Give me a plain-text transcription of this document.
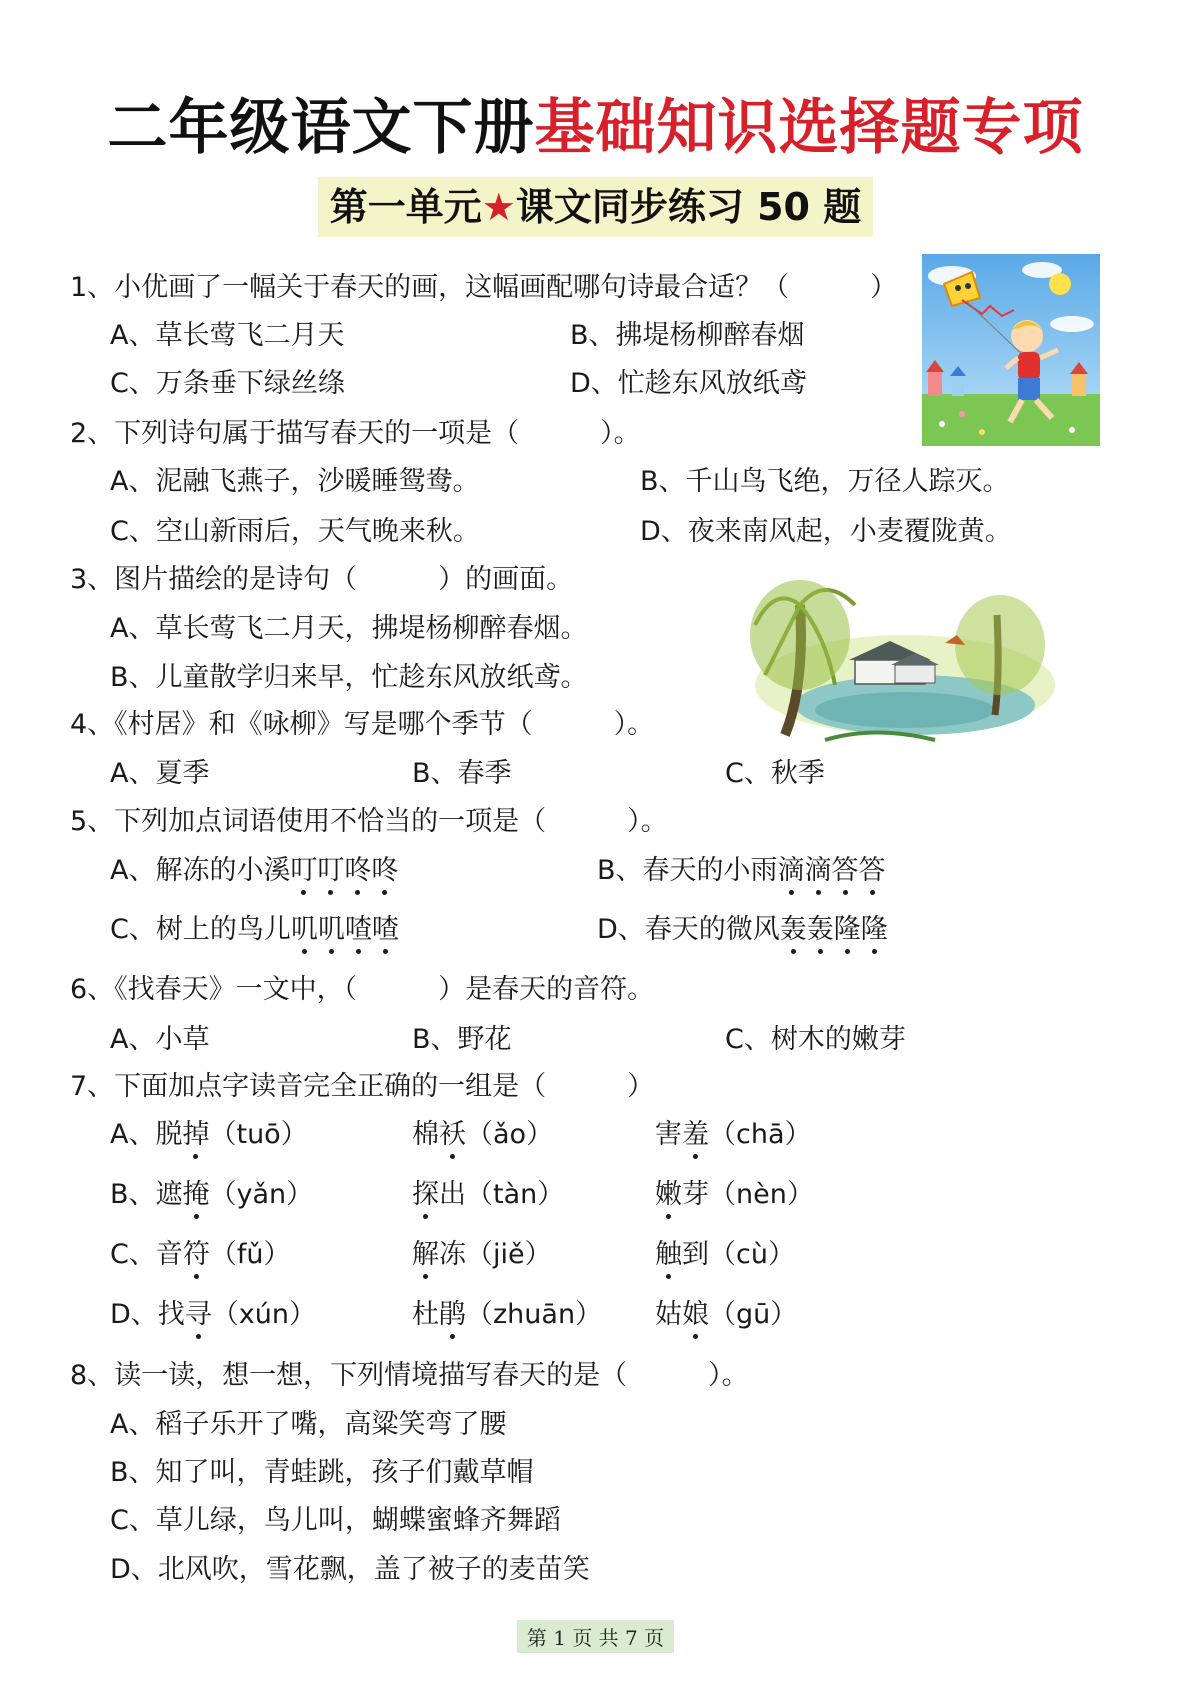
二年级语文下册基础知识选择题专项
第一单元★课文同步练习 50 题
1、小优画了一幅关于春天的画，这幅画配哪句诗最合适？（　　　）
A、草长莺飞二月天	B、拂堤杨柳醉春烟
C、万条垂下绿丝绦	D、忙趁东风放纸鸢
2、下列诗句属于描写春天的一项是（　　　）。
A、泥融飞燕子，沙暖睡鸳鸯。	B、千山鸟飞绝，万径人踪灭。
C、空山新雨后，天气晚来秋。	D、夜来南风起，小麦覆陇黄。
3、图片描绘的是诗句（　　　）的画面。
A、草长莺飞二月天，拂堤杨柳醉春烟。
B、儿童散学归来早，忙趁东风放纸鸢。
4、《村居》和《咏柳》写是哪个季节（　　　）。
A、夏季	B、春季	C、秋季
5、下列加点词语使用不恰当的一项是（　　　）。
A、解冻的小溪叮叮咚咚	B、春天的小雨滴滴答答
C、树上的鸟儿叽叽喳喳	D、春天的微风轰轰隆隆
6、《找春天》一文中，（　　　）是春天的音符。
A、小草	B、野花	C、树木的嫩芽
7、下面加点字读音完全正确的一组是（　　　）
A、脱掉（tuō）	棉袄（ǎo）	害羞（chā）
B、遮掩（yǎn）	探出（tàn）	嫩芽（nèn）
C、音符（fǔ）	解冻（jiě）	触到（cù）
D、找寻（xún）	杜鹃（zhuān） 姑娘（gū）
8、读一读，想一想，下列情境描写春天的是（　　　）。
A、稻子乐开了嘴，高粱笑弯了腰
B、知了叫，青蛙跳，孩子们戴草帽
C、草儿绿，鸟儿叫，蝴蝶蜜蜂齐舞蹈
D、北风吹，雪花飘，盖了被子的麦苗笑
第 1 页 共 7 页
